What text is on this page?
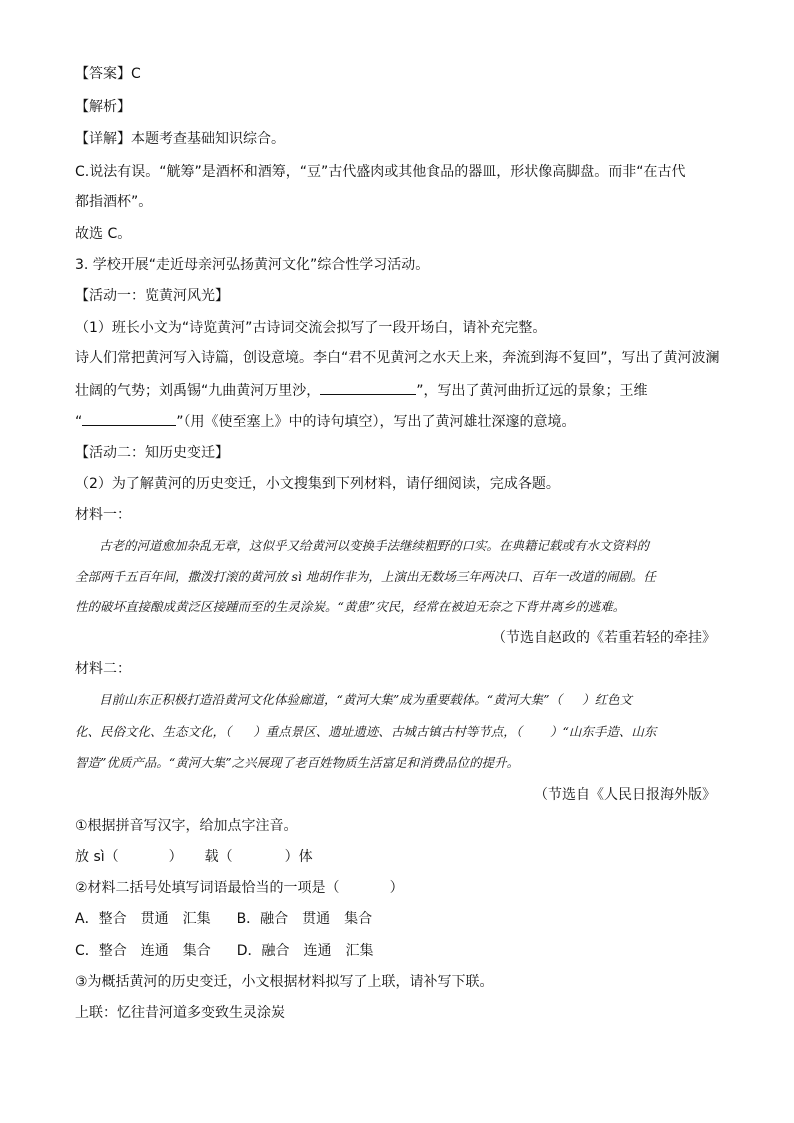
【答案】C
【解析】
【详解】本题考查基础知识综合。
C.说法有误。“觥筹”是酒杯和酒筹，“豆”古代盛肉或其他食品的器皿，形状像高脚盘。而非“在古代
都指酒杯”。
故选 C。
3. 学校开展“走近母亲河弘扬黄河文化”综合性学习活动。
【活动一：览黄河风光】
（1）班长小文为“诗览黄河”古诗词交流会拟写了一段开场白，请补充完整。
诗人们常把黄河写入诗篇，创设意境。李白“君不见黄河之水天上来，奔流到海不复回”，写出了黄河波澜
壮阔的气势；刘禹锡“九曲黄河万里沙，	”，写出了黄河曲折辽远的景象；王维
“	”（用《使至塞上》中的诗句填空），写出了黄河雄壮深邃的意境。
【活动二：知历史变迁】
（2）为了解黄河的历史变迁，小文搜集到下列材料，请仔细阅读，完成各题。
材料一：
古老的河道愈加杂乱无章，这似乎又给黄河以变换手法继续粗野的口实。在典籍记载或有水文资料的
全部两千五百年间，撒泼打滚的黄河放 sì 地胡作非为，上演出无数场三年两决口、百年一改道的闹剧。任
性的破坏直接酿成黄泛区接踵而至的生灵涂炭。“黄患”灾民，经常在被迫无奈之下背井离乡的逃难。
（节选自赵政的《若重若轻的牵挂》
材料二：
目前山东正积极打造沿黄河文化体验廊道，“黄河大集”成为重要载体。“黄河大集”（ ）红色文
化、民俗文化、生态文化，（ ）重点景区、遗址遗迹、古城古镇古村等节点，（ ）“山东手造、山东
智造”优质产品。“黄河大集”之兴展现了老百姓物质生活富足和消费品位的提升。
（节选自《人民日报海外版》
①根据拼音写汉字，给加点字注音。
放 sì（	） 载（	）体
②材料二括号处填写词语最恰当的一项是（	）
A．整合　贯通　汇集 B．融合　贯通　集合
C．整合　连通　集合 D．融合　连通　汇集
③为概括黄河的历史变迁，小文根据材料拟写了上联，请补写下联。
上联：忆往昔河道多变致生灵涂炭
